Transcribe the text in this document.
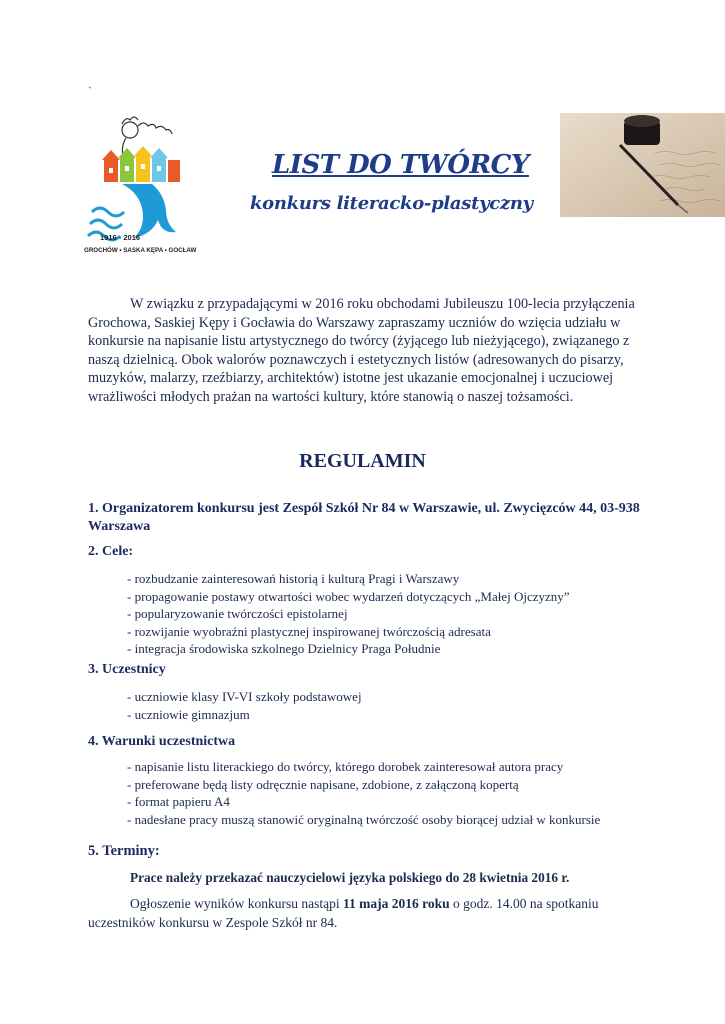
`
1916 - 2016
GROCHÓW • SASKA KĘPA • GOCŁAW
LIST DO TWÓRCY
konkurs literacko-plastyczny
W związku z przypadającymi w 2016 roku obchodami Jubileuszu 100-lecia przyłączenia Grochowa, Saskiej Kępy i Gocławia do Warszawy zapraszamy uczniów do wzięcia udziału w konkursie na napisanie listu artystycznego do twórcy (żyjącego lub nieżyjącego), związanego z naszą dzielnicą. Obok walorów poznawczych i estetycznych listów (adresowanych do pisarzy, muzyków, malarzy, rzeźbiarzy, architektów) istotne jest ukazanie emocjonalnej i uczuciowej wrażliwości młodych prażan na wartości kultury, które stanowią o naszej tożsamości.
REGULAMIN
1. Organizatorem konkursu jest Zespół Szkół Nr 84 w Warszawie, ul. Zwycięzców 44, 03-938 Warszawa
2. Cele:
- rozbudzanie zainteresowań historią i kulturą Pragi i Warszawy
- propagowanie postawy otwartości wobec wydarzeń dotyczących „Małej Ojczyzny”
- popularyzowanie twórczości epistolarnej
- rozwijanie wyobraźni plastycznej inspirowanej twórczością adresata
- integracja środowiska szkolnego Dzielnicy Praga Południe
3. Uczestnicy
- uczniowie klasy IV-VI szkoły podstawowej
- uczniowie gimnazjum
4. Warunki uczestnictwa
- napisanie listu literackiego do twórcy, którego dorobek zainteresował autora pracy
- preferowane będą listy odręcznie napisane, zdobione, z załączoną kopertą
- format papieru A4
- nadesłane pracy muszą stanowić oryginalną twórczość osoby biorącej udział w konkursie
5. Terminy:
Prace należy przekazać nauczycielowi języka polskiego do 28 kwietnia 2016 r.
Ogłoszenie wyników konkursu nastąpi 11 maja 2016 roku o godz. 14.00 na spotkaniu uczestników konkursu w Zespole Szkół nr 84.
